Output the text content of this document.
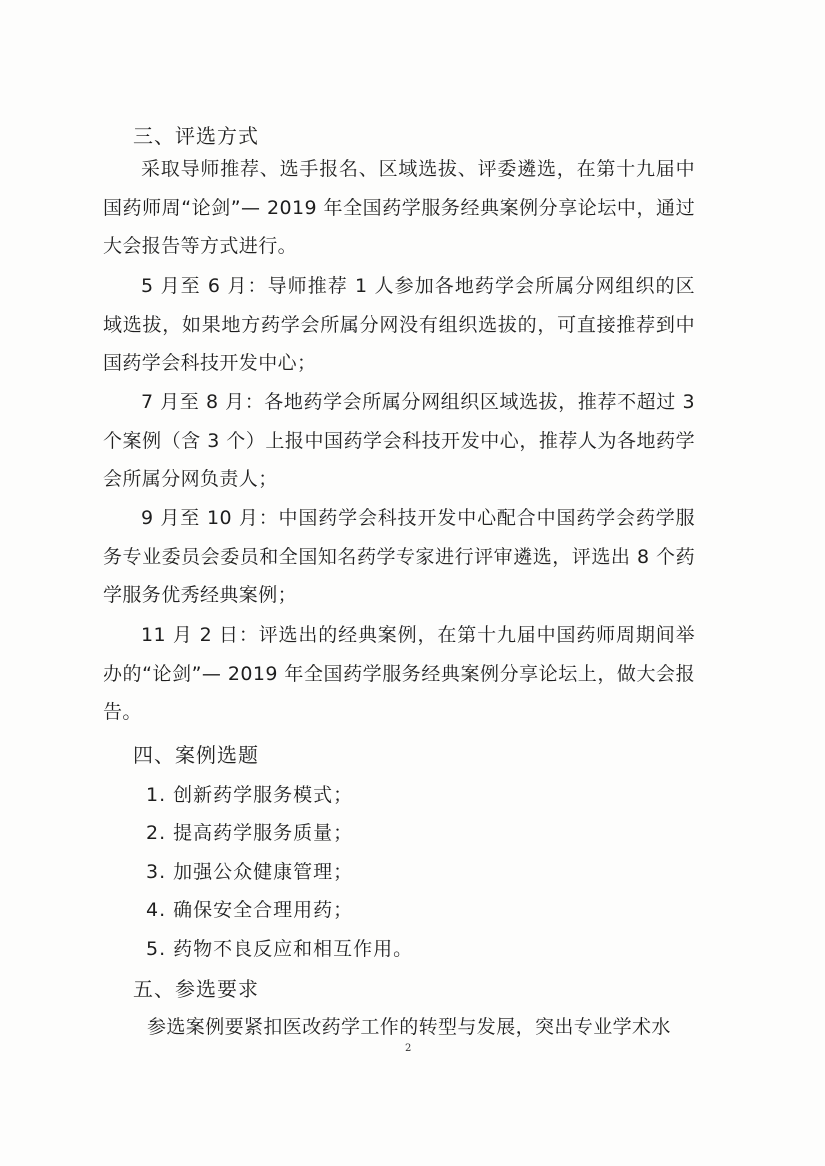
三、评选方式
采取导师推荐、选手报名、区域选拔、评委遴选，在第十九届中国药师周“论剑”— 2019 年全国药学服务经典案例分享论坛中，通过大会报告等方式进行。
5 月至 6 月：导师推荐 1 人参加各地药学会所属分网组织的区域选拔，如果地方药学会所属分网没有组织选拔的，可直接推荐到中国药学会科技开发中心；
7 月至 8 月：各地药学会所属分网组织区域选拔，推荐不超过 3 个案例（含 3 个）上报中国药学会科技开发中心，推荐人为各地药学会所属分网负责人；
9 月至 10 月：中国药学会科技开发中心配合中国药学会药学服务专业委员会委员和全国知名药学专家进行评审遴选，评选出 8 个药学服务优秀经典案例；
11 月 2 日：评选出的经典案例，在第十九届中国药师周期间举办的“论剑”— 2019 年全国药学服务经典案例分享论坛上，做大会报告。
四、案例选题
1. 创新药学服务模式；
2. 提高药学服务质量；
3. 加强公众健康管理；
4. 确保安全合理用药；
5. 药物不良反应和相互作用。
五、参选要求
参选案例要紧扣医改药学工作的转型与发展，突出专业学术水
2
